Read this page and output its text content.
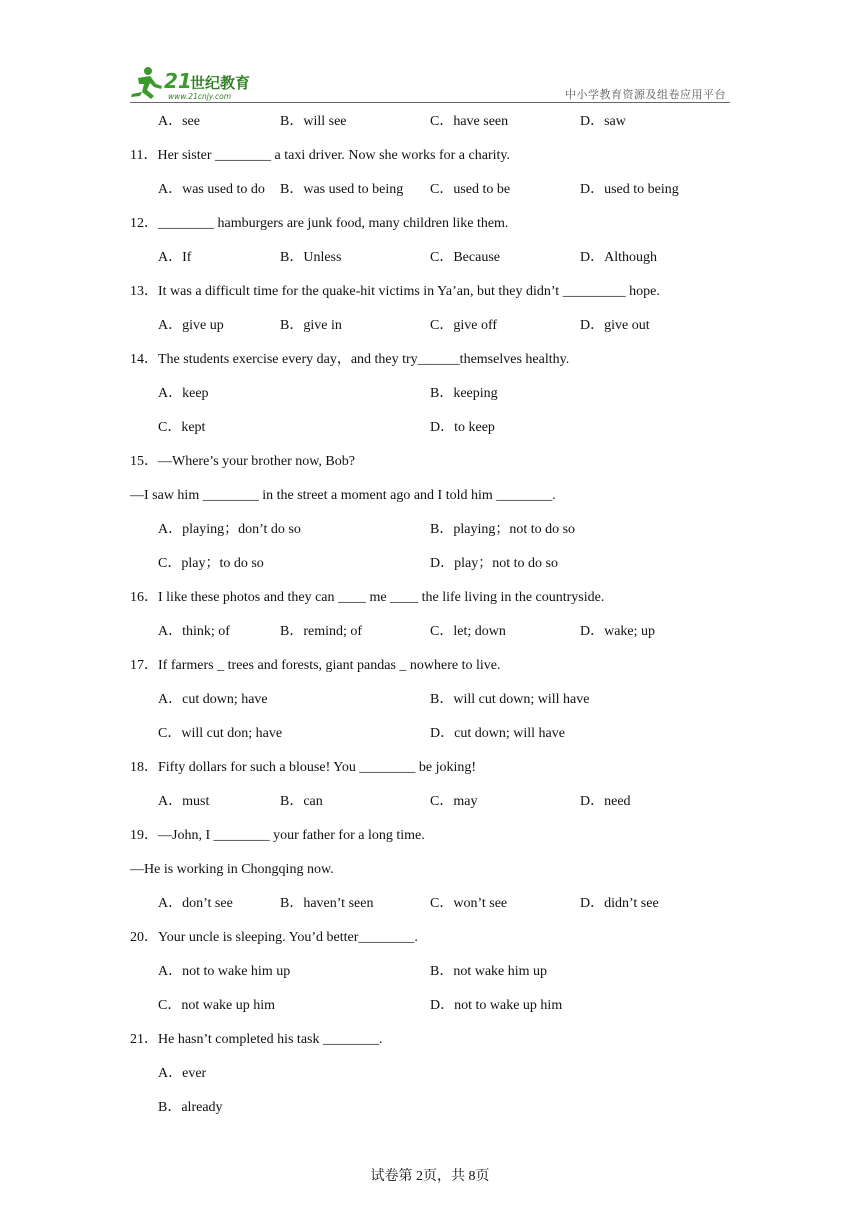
21
世纪教育
www.21cnjy.com	中小学教育资源及组卷应用平台
A．see	B．will see	C．have seen	D．saw
11．Her sister ________ a taxi driver. Now she works for a charity.
A．was used to do B．was used to being C．used to be	D．used to being
12．________ hamburgers are junk food, many children like them.
A．If	B．Unless	C．Because	D．Although
13．It was a difficult time for the quake-hit victims in Ya’an, but they didn’t _________ hope.
A．give up	B．give in	C．give off	D．give out
14．The students exercise every day，and they try______themselves healthy.
A．keep	B．keeping
C．kept	D．to keep
15．—Where’s your brother now, Bob?
—I saw him ________ in the street a moment ago and I told him ________.
A．playing；don’t do so	B．playing；not to do so
C．play；to do so	D．play；not to do so
16．I like these photos and they can ____ me ____ the life living in the countryside.
A．think; of	B．remind; of	C．let; down	D．wake; up
17．If farmers _ trees and forests, giant pandas _ nowhere to live.
A．cut down; have	B．will cut down; will have
C．will cut don; have	D．cut down; will have
18．Fifty dollars for such a blouse! You ________ be joking!
A．must	B．can	C．may	D．need
19．—John, I ________ your father for a long time.
—He is working in Chongqing now.
A．don’t see	B．haven’t seen	C．won’t see	D．didn’t see
20．Your uncle is sleeping. You’d better________.
A．not to wake him up	B．not wake him up
C．not wake up him	D．not to wake up him
21．He hasn’t completed his task ________.
A．ever
B．already
试卷第 2页，共 8页
